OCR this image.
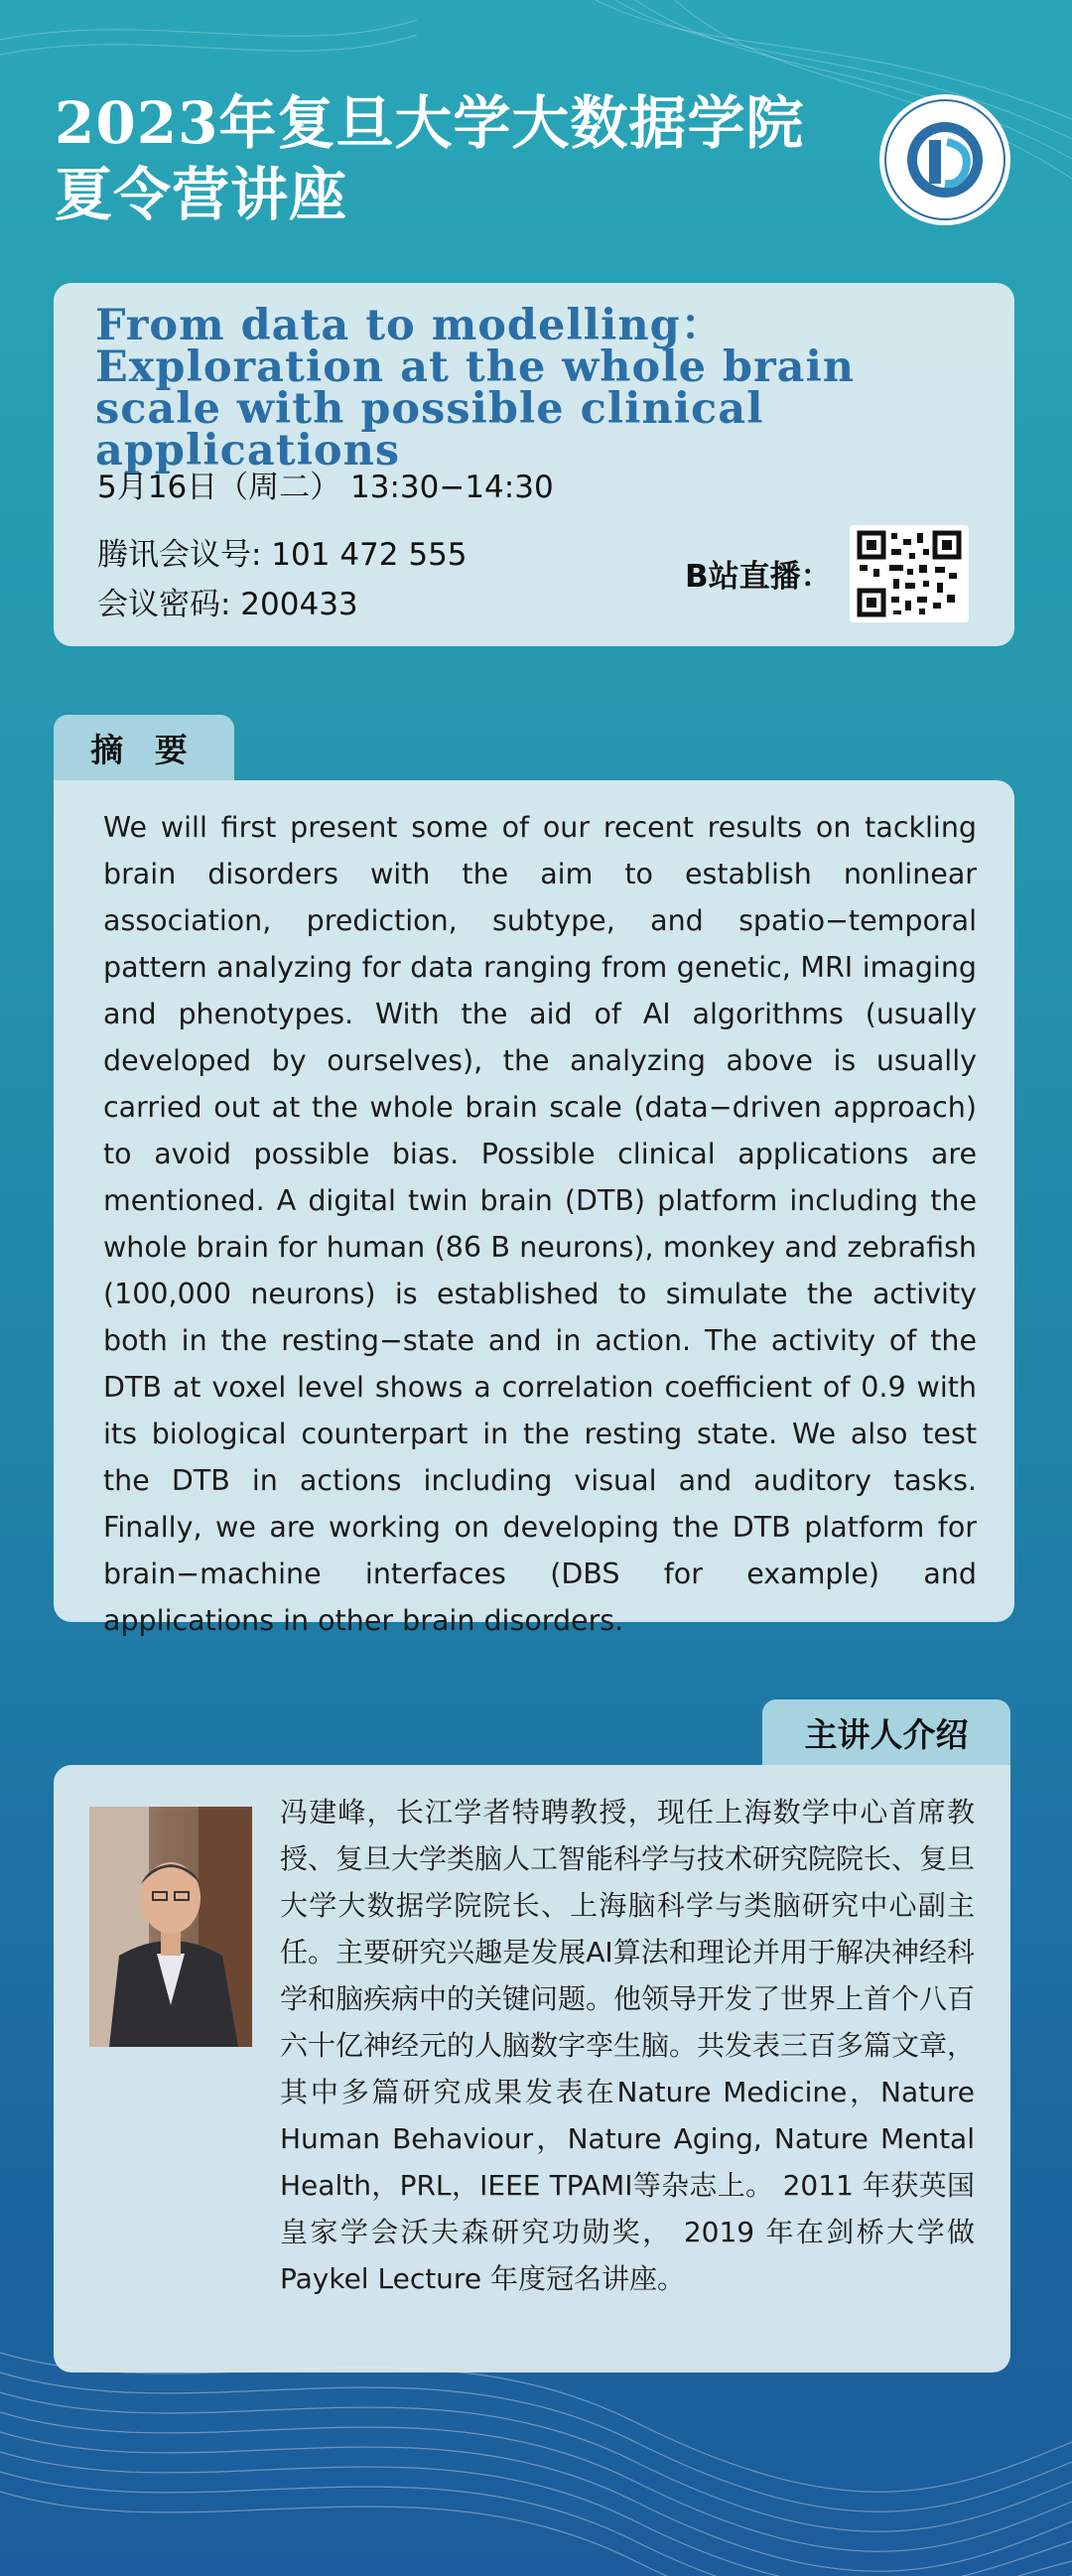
2023年复旦大学大数据学院
夏令营讲座
From data to modelling：Exploration at the whole brain scale with possible clinical applications
5月16日（周二） 13:30−14:30
腾讯会议号: 101 472 555
会议密码: 200433
B站直播：
摘 要
We will first present some of our recent results on tackling brain disorders with the aim to establish nonlinear association, prediction, subtype, and spatio−temporal pattern analyzing for data ranging from genetic, MRI imaging and phenotypes. With the aid of AI algorithms (usually developed by ourselves), the analyzing above is usually carried out at the whole brain scale (data−driven approach) to avoid possible bias. Possible clinical applications are mentioned. A digital twin brain (DTB) platform including the whole brain for human (86 B neurons), monkey and zebrafish (100,000 neurons) is established to simulate the activity both in the resting−state and in action. The activity of the DTB at voxel level shows a correlation coefficient of 0.9 with its biological counterpart in the resting state. We also test the DTB in actions including visual and auditory tasks. Finally, we are working on developing the DTB platform for brain−machine interfaces (DBS for example) and applications in other brain disorders.
主讲人介绍
冯建峰，长江学者特聘教授，现任上海数学中心首席教授、复旦大学类脑人工智能科学与技术研究院院长、复旦大学大数据学院院长、上海脑科学与类脑研究中心副主任。主要研究兴趣是发展AI算法和理论并用于解决神经科学和脑疾病中的关键问题。他领导开发了世界上首个八百六十亿神经元的人脑数字孪生脑。共发表三百多篇文章，其中多篇研究成果发表在Nature Medicine，Nature Human Behaviour，Nature Aging, Nature Mental Health，PRL，IEEE TPAMI等杂志上。 2011 年获英国皇家学会沃夫森研究功勋奖， 2019 年在剑桥大学做 Paykel Lecture 年度冠名讲座。
